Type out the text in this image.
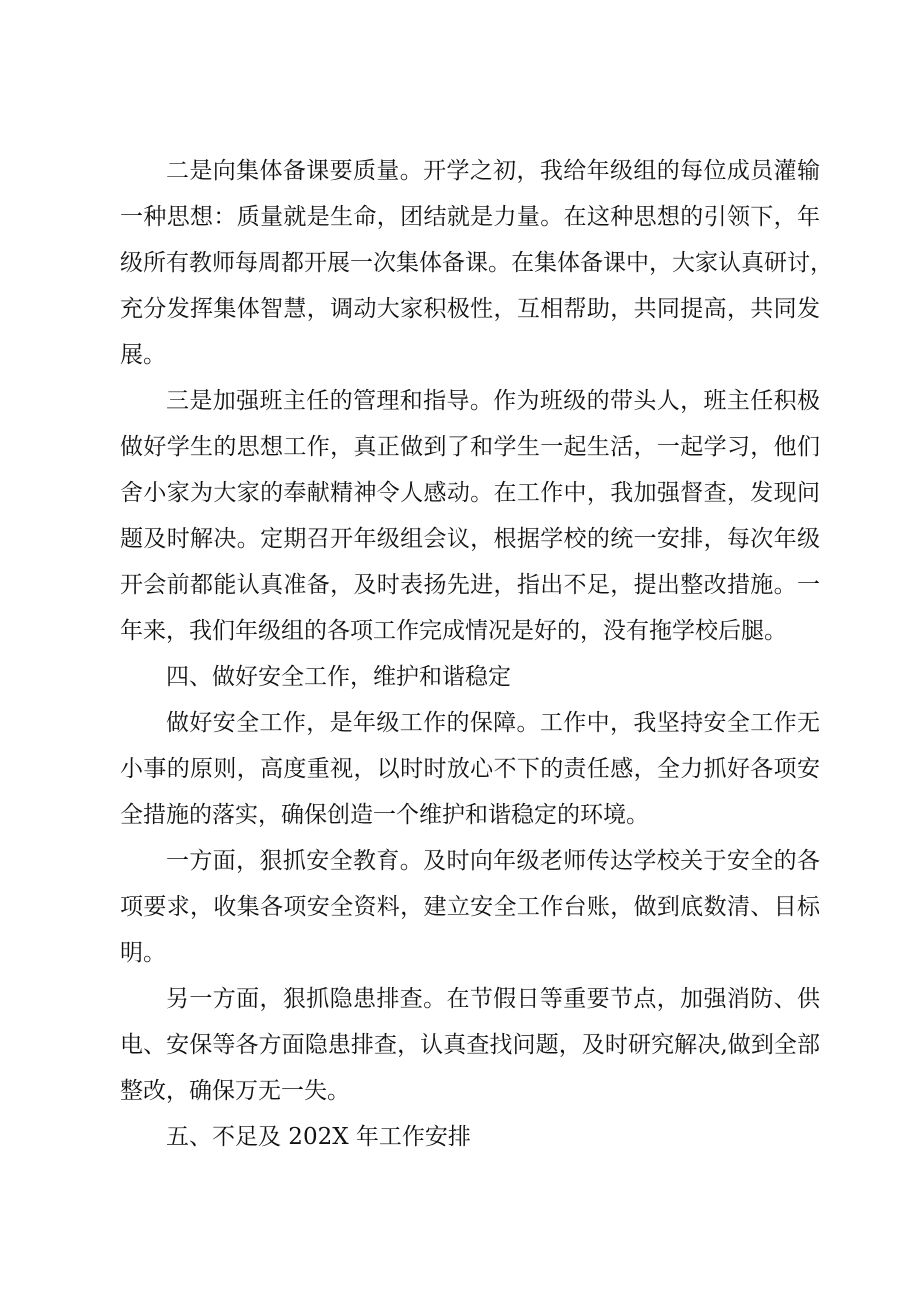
二是向集体备课要质量。开学之初，我给年级组的每位成员灌输

一种思想：质量就是生命，团结就是力量。在这种思想的引领下，年

级所有教师每周都开展一次集体备课。在集体备课中，大家认真研讨，

充分发挥集体智慧，调动大家积极性，互相帮助，共同提高，共同发

展。

三是加强班主任的管理和指导。作为班级的带头人，班主任积极

做好学生的思想工作，真正做到了和学生一起生活，一起学习，他们

舍小家为大家的奉献精神令人感动。在工作中，我加强督查，发现问

题及时解决。定期召开年级组会议，根据学校的统一安排，每次年级

开会前都能认真准备，及时表扬先进，指出不足，提出整改措施。一

年来，我们年级组的各项工作完成情况是好的，没有拖学校后腿。

四、做好安全工作，维护和谐稳定

做好安全工作，是年级工作的保障。工作中，我坚持安全工作无

小事的原则，高度重视，以时时放心不下的责任感，全力抓好各项安

全措施的落实，确保创造一个维护和谐稳定的环境。

一方面，狠抓安全教育。及时向年级老师传达学校关于安全的各

项要求，收集各项安全资料，建立安全工作台账，做到底数清、目标

明。

另一方面，狠抓隐患排查。在节假日等重要节点，加强消防、供

电、安保等各方面隐患排查，认真查找问题，及时研究解决,做到全部

整改，确保万无一失。

五、不足及 202X 年工作安排
